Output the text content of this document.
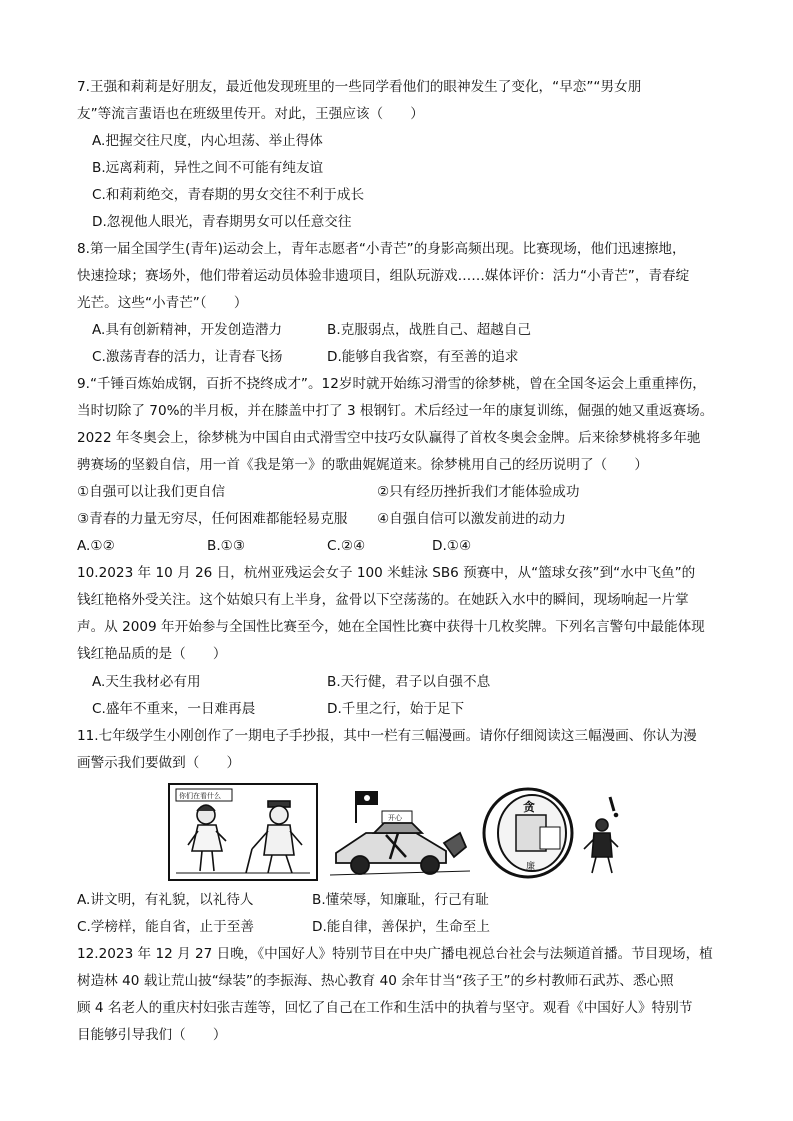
7.王强和莉莉是好朋友，最近他发现班里的一些同学看他们的眼神发生了变化，“早恋”“男女朋
友”等流言蜚语也在班级里传开。对此，王强应该（　　）
A.把握交往尺度，内心坦荡、举止得体
B.远离莉莉，异性之间不可能有纯友谊
C.和莉莉绝交，青春期的男女交往不利于成长
D.忽视他人眼光，青春期男女可以任意交往
8.第一届全国学生(青年)运动会上，青年志愿者“小青芒”的身影高频出现。比赛现场，他们迅速擦地，
快速捡球；赛场外，他们带着运动员体验非遗项目，组队玩游戏……媒体评价：活力“小青芒”，青春绽
光芒。这些“小青芒”（　　）
A.具有创新精神，开发创造潜力	B.克服弱点，战胜自己、超越自己
C.激荡青春的活力，让青春飞扬	D.能够自我省察，有至善的追求
9.“千锤百炼始成钢，百折不挠终成才”。12岁时就开始练习滑雪的徐梦桃，曾在全国冬运会上重重摔伤，
当时切除了 70%的半月板，并在膝盖中打了 3 根钢钉。术后经过一年的康复训练，倔强的她又重返赛场。
2022 年冬奥会上，徐梦桃为中国自由式滑雪空中技巧女队赢得了首枚冬奥会金牌。后来徐梦桃将多年驰
骋赛场的坚毅自信，用一首《我是第一》的歌曲娓娓道来。徐梦桃用自己的经历说明了（　　）
①自强可以让我们更自信	②只有经历挫折我们才能体验成功
③青春的力量无穷尽，任何困难都能轻易克服 ④自强自信可以激发前进的动力
A.①②	B.①③	C.②④	D.①④
10.2023 年 10 月 26 日，杭州亚残运会女子 100 米蛙泳 SB6 预赛中，从“篮球女孩”到“水中飞鱼”的
钱红艳格外受关注。这个姑娘只有上半身，盆骨以下空荡荡的。在她跃入水中的瞬间，现场响起一片掌
声。从 2009 年开始参与全国性比赛至今，她在全国性比赛中获得十几枚奖牌。下列名言警句中最能体现
钱红艳品质的是（　　）
A.天生我材必有用	B.天行健，君子以自强不息
C.盛年不重来，一日难再晨	D.千里之行，始于足下
11.七年级学生小刚创作了一期电子手抄报，其中一栏有三幅漫画。请你仔细阅读这三幅漫画、你认为漫
画警示我们要做到（　　）
你们在看什么
开心
贪
廉
A.讲文明，有礼貌，以礼待人	B.懂荣辱，知廉耻，行己有耻
C.学榜样，能自省，止于至善	D.能自律，善保护，生命至上
12.2023 年 12 月 27 日晚，《中国好人》特别节目在中央广播电视总台社会与法频道首播。节目现场，植
树造林 40 载让荒山披“绿装”的李振海、热心教育 40 余年甘当“孩子王”的乡村教师石武苏、悉心照
顾 4 名老人的重庆村妇张吉莲等，回忆了自己在工作和生活中的执着与坚守。观看《中国好人》特别节
目能够引导我们（　　）
